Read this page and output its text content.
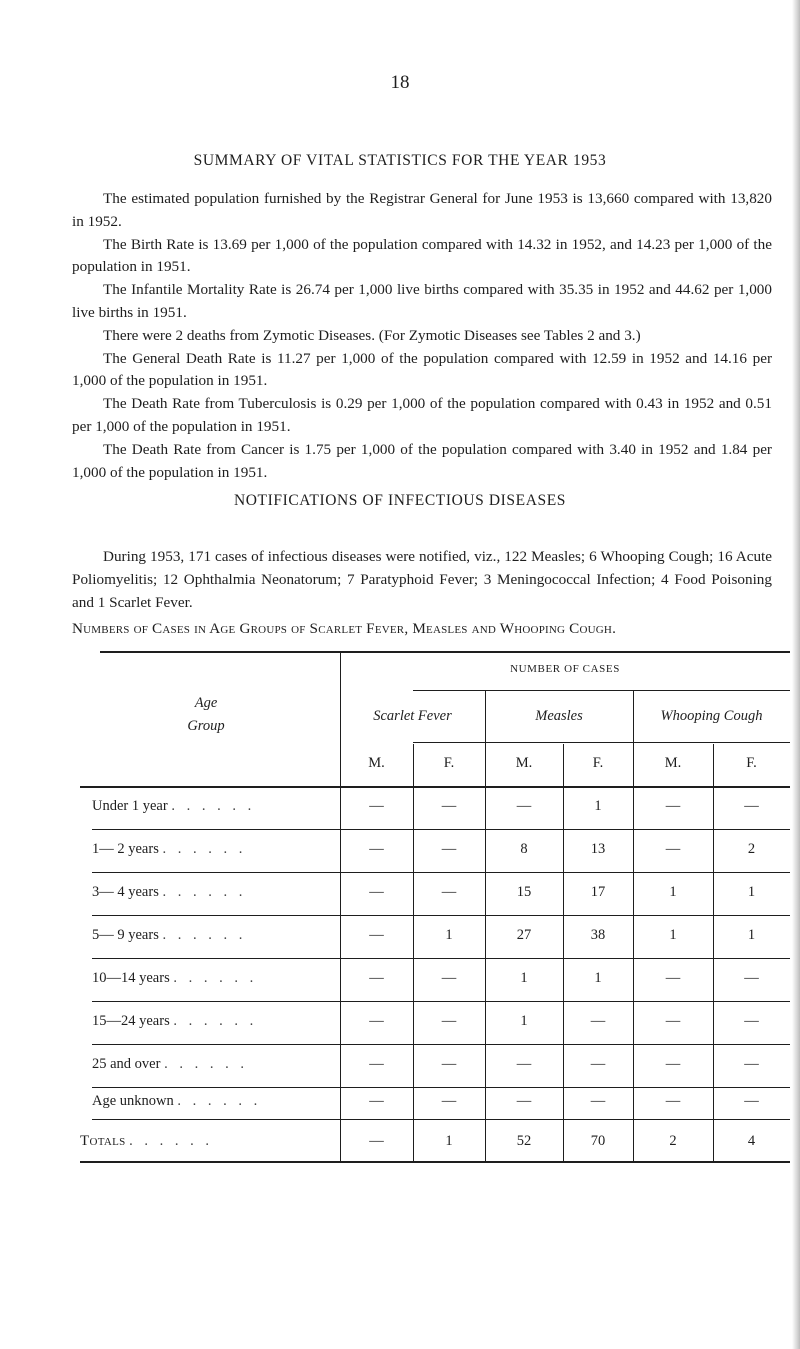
18
SUMMARY OF VITAL STATISTICS FOR THE YEAR 1953

The estimated population furnished by the Registrar General for June 1953 is 13,660 compared with 13,820 in 1952.

The Birth Rate is 13.69 per 1,000 of the population compared with 14.32 in 1952, and 14.23 per 1,000 of the population in 1951.

The Infantile Mortality Rate is 26.74 per 1,000 live births compared with 35.35 in 1952 and 44.62 per 1,000 live births in 1951.

There were 2 deaths from Zymotic Diseases. (For Zymotic Diseases see Tables 2 and 3.)

The General Death Rate is 11.27 per 1,000 of the population compared with 12.59 in 1952 and 14.16 per 1,000 of the population in 1951.

The Death Rate from Tuberculosis is 0.29 per 1,000 of the population compared with 0.43 in 1952 and 0.51 per 1,000 of the population in 1951.

The Death Rate from Cancer is 1.75 per 1,000 of the population compared with 3.40 in 1952 and 1.84 per 1,000 of the population in 1951.

NOTIFICATIONS OF INFECTIOUS DISEASES

During 1953, 171 cases of infectious diseases were notified, viz., 122 Measles; 6 Whooping Cough; 16 Acute Poliomyelitis; 12 Ophthalmia Neonatorum; 7 Paratyphoid Fever; 3 Meningococcal Infection; 4 Food Poisoning and 1 Scarlet Fever.

Numbers of Cases in Age Groups of Scarlet Fever, Measles and Whooping Cough.
NUMBER OF CASES
Age
Group
Scarlet Fever	Measles	Whooping Cough
M.	F.	M.	F.	M.	F.
Under 1 year . . . . . .	—	—	—	1	—	—
1— 2 years . . . . . .	—	—	8	13	—	2
3— 4 years . . . . . .	—	—	15	17	1	1
5— 9 years . . . . . .	—	1	27	38	1	1
10—14 years . . . . . .	—	—	1	1	—	—
15—24 years . . . . . .	—	—	1	—	—	—
25 and over . . . . . .	—	—	—	—	—	—
Age unknown . . . . . .	—	—	—	—	—	—
Totals . . . . . .	—	1	52	70	2	4
